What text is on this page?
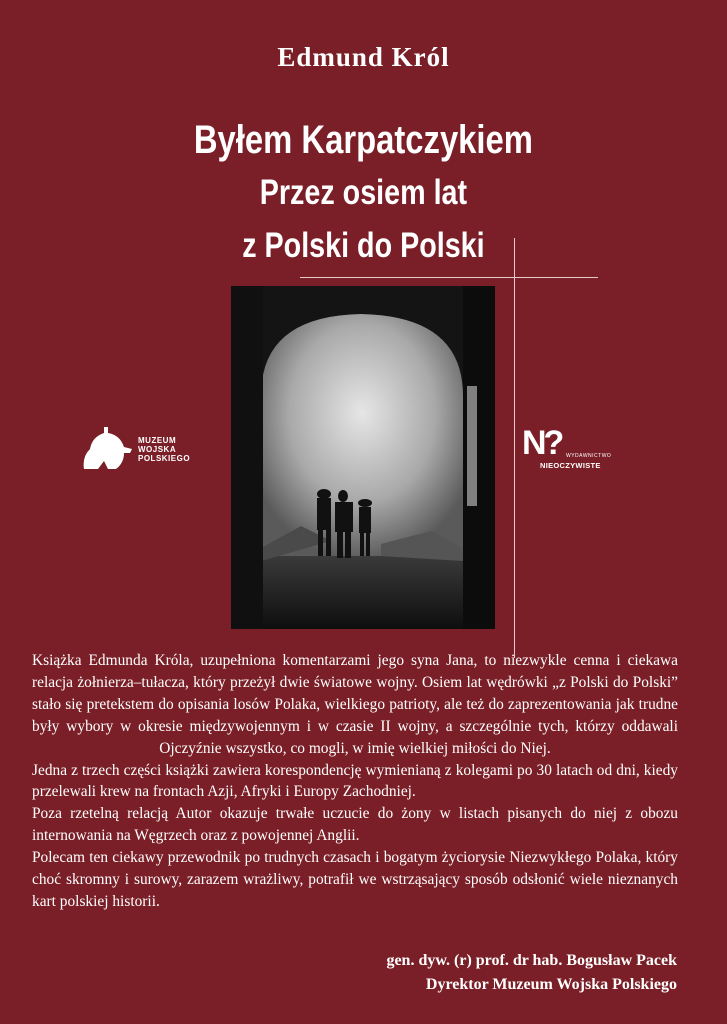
Edmund Król
Byłem Karpatczykiem
Przez osiem lat
z Polski do Polski
MUZEUM
WOJSKA
POLSKIEGO	N? WYDAWNICTWO
NIEOCZYWISTE

Książka Edmunda Króla, uzupełniona komentarzami jego syna Jana, to niezwykle cenna i ciekawa relacja żołnierza–tułacza, który przeżył dwie światowe wojny. Osiem lat wędrówki „z Polski do Polski” stało się pretekstem do opisania losów Polaka, wielkiego patrioty, ale też do zaprezentowania jak trudne były wybory w okresie międzywojennym i w czasie II wojny, a szczególnie tych, którzy oddawali Ojczyźnie wszystko, co mogli, w imię wielkiej miłości do Niej.

Jedna z trzech części książki zawiera korespondencję wymienianą z kolegami po 30 latach od dni, kiedy przelewali krew na frontach Azji, Afryki i Europy Zachodniej.

Poza rzetelną relacją Autor okazuje trwałe uczucie do żony w listach pisanych do niej z obozu internowania na Węgrzech oraz z powojennej Anglii.

Polecam ten ciekawy przewodnik po trudnych czasach i bogatym życiorysie Niezwykłego Polaka, który choć skromny i surowy, zarazem wrażliwy, potrafił we wstrząsający sposób odsłonić wiele nieznanych kart polskiej historii.

gen. dyw. (r) prof. dr hab. Bogusław Pacek
Dyrektor Muzeum Wojska Polskiego
